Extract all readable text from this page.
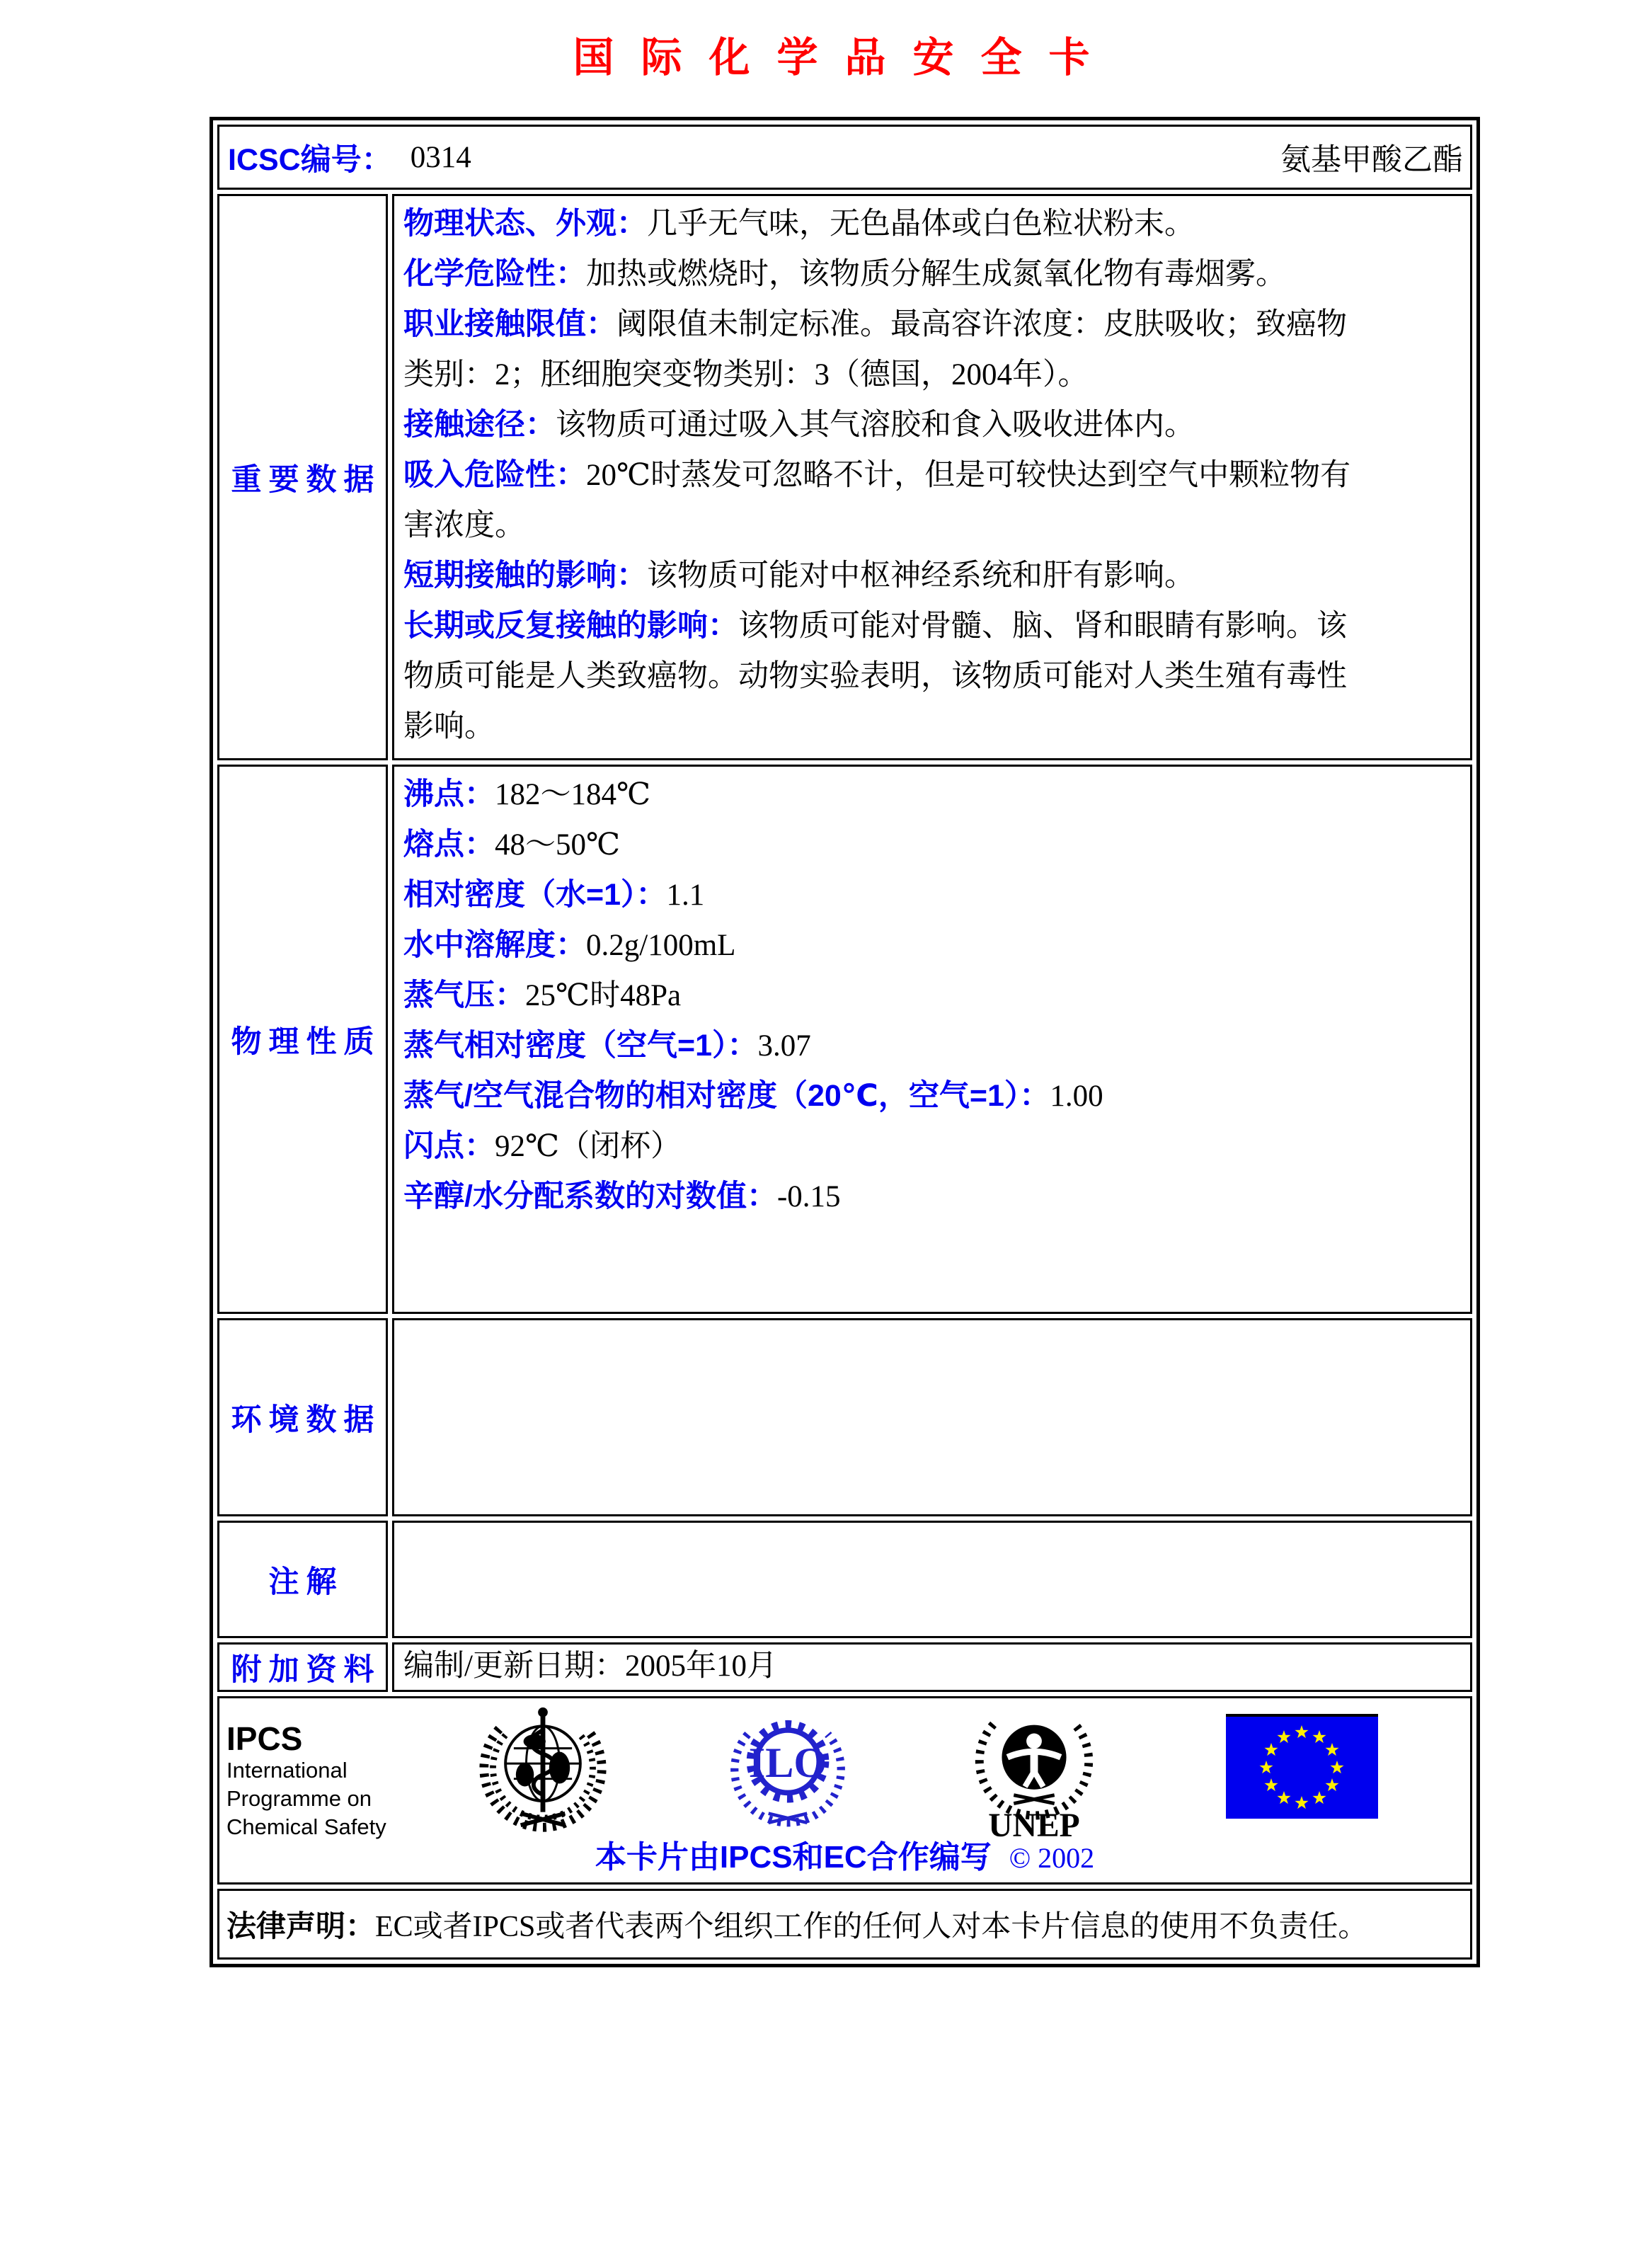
国际化学品安全卡
ICSC编号： 0314	氨基甲酸乙酯
重要数据
物理状态、外观：几乎无气味，无色晶体或白色粒状粉末。
化学危险性：加热或燃烧时，该物质分解生成氮氧化物有毒烟雾。
职业接触限值：阈限值未制定标准。最高容许浓度：皮肤吸收；致癌物
类别：2；胚细胞突变物类别：3（德国，2004年）。
接触途径：该物质可通过吸入其气溶胶和食入吸收进体内。
吸入危险性：20℃时蒸发可忽略不计，但是可较快达到空气中颗粒物有
害浓度。
短期接触的影响：该物质可能对中枢神经系统和肝有影响。
长期或反复接触的影响：该物质可能对骨髓、脑、肾和眼睛有影响。该
物质可能是人类致癌物。动物实验表明，该物质可能对人类生殖有毒性
影响。
物理性质
沸点：182～184℃
熔点：48～50℃
相对密度（水=1）：1.1
水中溶解度：0.2g/100mL
蒸气压：25℃时48Pa
蒸气相对密度（空气=1）：3.07
蒸气/空气混合物的相对密度（20℃，空气=1）：1.00
闪点：92℃（闭杯）
辛醇/水分配系数的对数值：-0.15
环境数据
注解
附加资料 编制/更新日期：2005年10月
IPCS
International
Programme on
Chemical Safety
ILO
UNEP
本卡片由IPCS和EC合作编写 © 2002
法律声明： EC或者IPCS或者代表两个组织工作的任何人对本卡片信息的使用不负责任。
